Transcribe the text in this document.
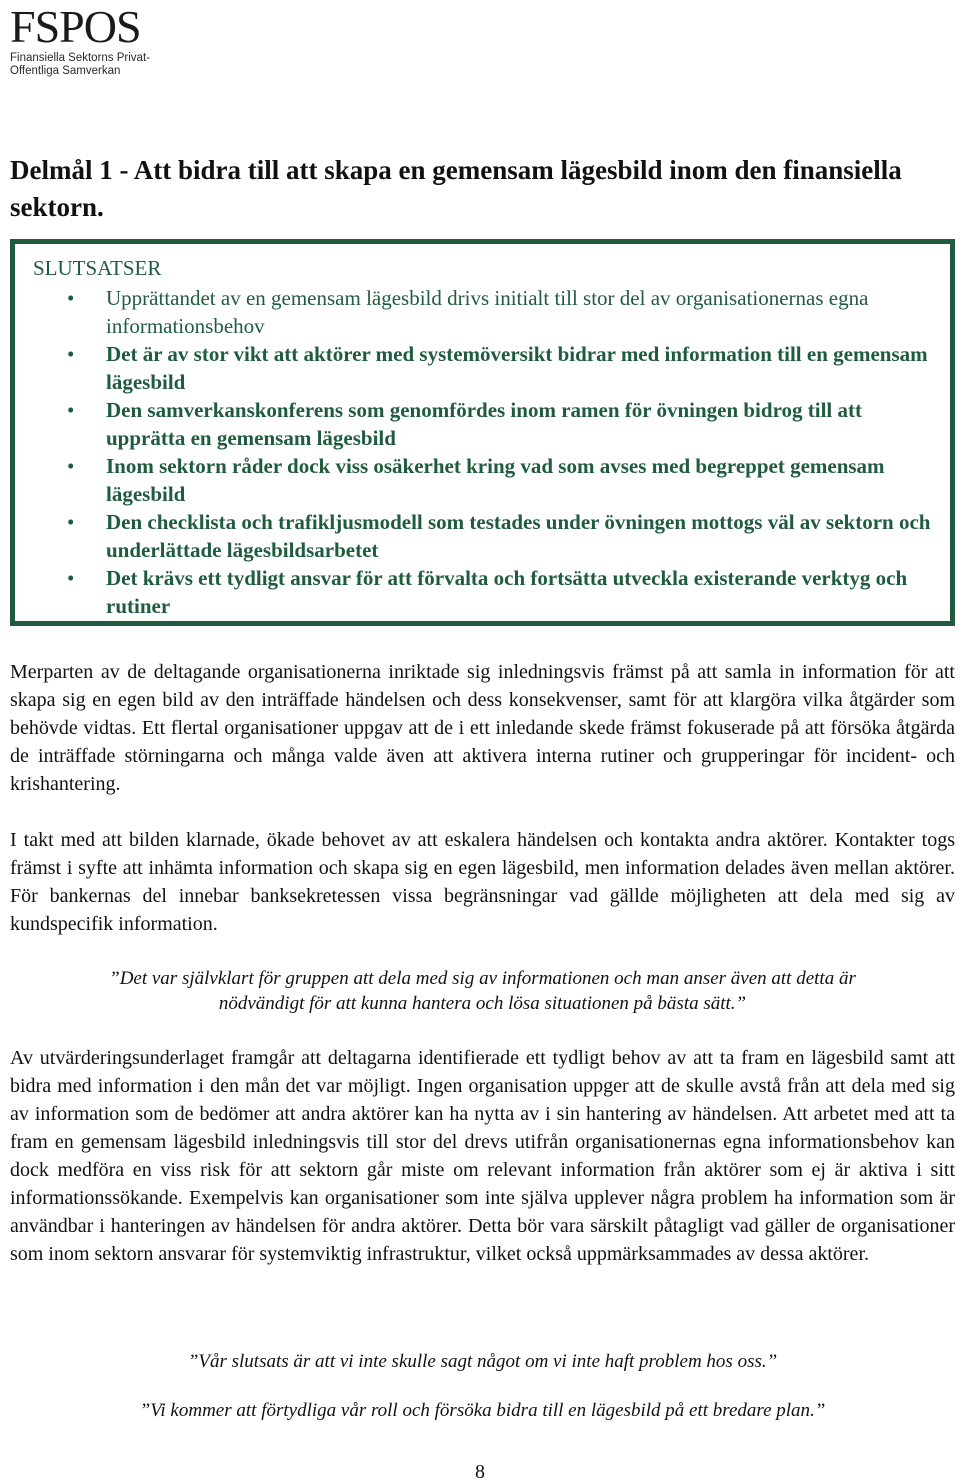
FSPOS
Finansiella Sektorns Privat-
Offentliga Samverkan
Delmål 1 - Att bidra till att skapa en gemensam lägesbild inom den finansiella sektorn.
SLUTSATSER
• Upprättandet av en gemensam lägesbild drivs initialt till stor del av organisationernas egna informationsbehov
• Det är av stor vikt att aktörer med systemöversikt bidrar med information till en gemensam lägesbild
• Den samverkanskonferens som genomfördes inom ramen för övningen bidrog till att upprätta en gemensam lägesbild
• Inom sektorn råder dock viss osäkerhet kring vad som avses med begreppet gemensam lägesbild
• Den checklista och trafikljusmodell som testades under övningen mottogs väl av sektorn och underlättade lägesbildsarbetet
• Det krävs ett tydligt ansvar för att förvalta och fortsätta utveckla existerande verktyg och rutiner

Merparten av de deltagande organisationerna inriktade sig inledningsvis främst på att samla in information för att skapa sig en egen bild av den inträffade händelsen och dess konsekvenser, samt för att klargöra vilka åtgärder som behövde vidtas. Ett flertal organisationer uppgav att de i ett inledande skede främst fokuserade på att försöka åtgärda de inträffade störningarna och många valde även att aktivera interna rutiner och grupperingar för incident- och krishantering.

I takt med att bilden klarnade, ökade behovet av att eskalera händelsen och kontakta andra aktörer. Kontakter togs främst i syfte att inhämta information och skapa sig en egen lägesbild, men information delades även mellan aktörer. För bankernas del innebar banksekretessen vissa begränsningar vad gällde möjligheten att dela med sig av kundspecifik information.

”Det var självklart för gruppen att dela med sig av informationen och man anser även att detta är nödvändigt för att kunna hantera och lösa situationen på bästa sätt.”

Av utvärderingsunderlaget framgår att deltagarna identifierade ett tydligt behov av att ta fram en lägesbild samt att bidra med information i den mån det var möjligt. Ingen organisation uppger att de skulle avstå från att dela med sig av information som de bedömer att andra aktörer kan ha nytta av i sin hantering av händelsen. Att arbetet med att ta fram en gemensam lägesbild inledningsvis till stor del drevs utifrån organisationernas egna informationsbehov kan dock medföra en viss risk för att sektorn går miste om relevant information från aktörer som ej är aktiva i sitt informationssökande. Exempelvis kan organisationer som inte själva upplever några problem ha information som är användbar i hanteringen av händelsen för andra aktörer. Detta bör vara särskilt påtagligt vad gäller de organisationer som inom sektorn ansvarar för systemviktig infrastruktur, vilket också uppmärksammades av dessa aktörer.

”Vår slutsats är att vi inte skulle sagt något om vi inte haft problem hos oss.”

”Vi kommer att förtydliga vår roll och försöka bidra till en lägesbild på ett bredare plan.”

8
